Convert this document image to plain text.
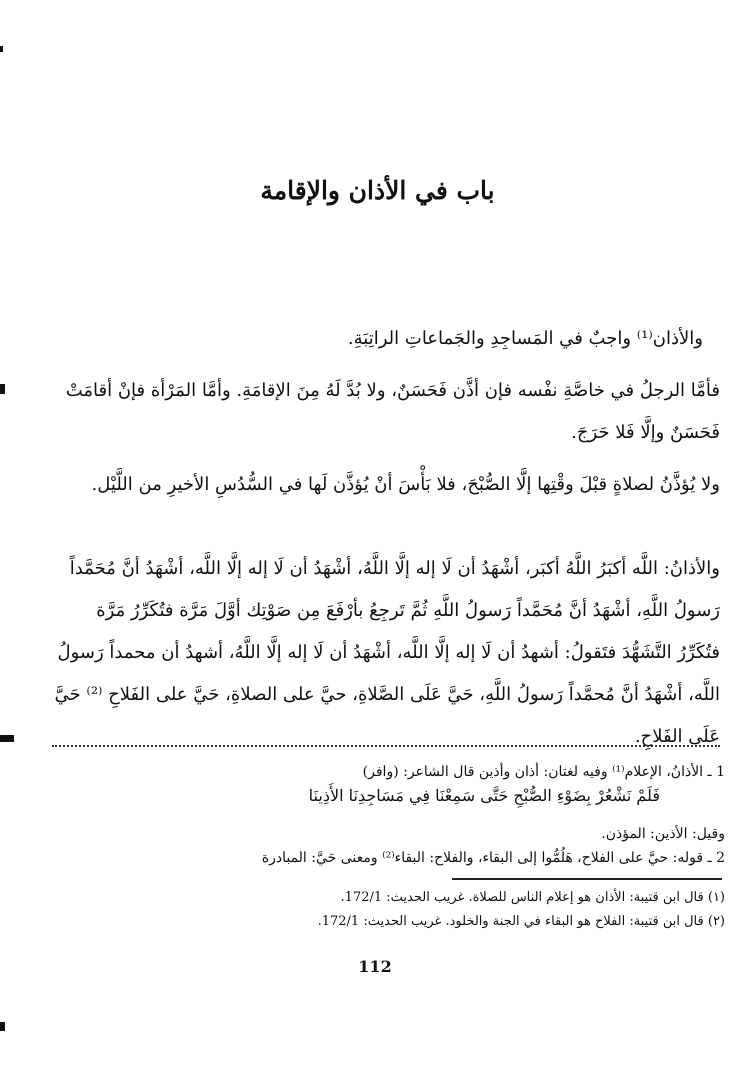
باب في الأذان والإقامة
والأذان⁽¹⁾ واجبٌ في المَساجِدِ والجَماعاتِ الراتِبَةِ.
فأمَّا الرجلُ في خاصَّةِ نفْسه فإن أذَّن فَحَسَنٌ، ولا بُدَّ لَهُ مِنَ الإقامَةِ. وأمَّا المَرْأة فإنْ أقامَتْ فَحَسَنٌ وإلَّا فَلا حَرَجَ.
ولا يُؤذَّنُ لصلاةٍ قبْلَ وقْتِها إلَّا الصُّبْحَ، فلا بَأْسَ أنْ يُؤذَّن لَها في السُّدُسِ الأخيرِ من اللَّيْل.
والأذانُ: اللَّه أكبَرُ اللَّهُ أكبَر، أشْهَدُ أن لَا إله إلَّا اللَّهُ، أشْهَدُ أن لَا إله إلَّا اللَّه، أشْهَدُ أنَّ مُحَمَّداً رَسولُ اللَّهِ، أشْهَدُ أنَّ مُحَمَّداً رَسولُ اللَّهِ ثُمَّ تَرجِعُ بأرْفَعَ مِن صَوْتِك أوَّلَ مَرَّة فتُكَرِّرُ مَرَّة فتُكَرِّرُ التَّشَهُّدَ فتَقولُ: أشهدُ أن لَا إله إلَّا اللَّه، أشْهَدُ أن لَا إله إلَّا اللَّهُ، أشهدُ أن محمداً رَسولُ اللَّه، أشْهَدُ أنَّ مُحمَّداً رَسولُ اللَّهِ، حَيَّ عَلَى الصَّلاةِ، حيَّ على الصلاةِ، حَيَّ على الفَلاحِ ⁽²⁾ حَيَّ عَلَى الفَلاحِ.
1 ـ الأذانُ، الإعلام⁽¹⁾ وفيه لغتان: أذان وأذين قال الشاعر: (وافر)
فَلَمْ نَشْعُرْ بِضَوْءِ الصُّبْحِ حَتَّى سَمِعْنَا فِي مَسَاجِدِنَا الأَذِينَا
وقيل: الأذين: المؤذن.
2 ـ قوله: حيَّ على الفلاح، هَلُمُّوا إلى البقاء، والفلاح: البقاء⁽²⁾ ومعنى حَيَّ: المبادرة
(١) قال ابن قتيبة: الأذان هو إعلام الناس للصلاة. غريب الحديث: 172/1.
(٢) قال ابن قتيبة: الفلاح هو البقاء في الجنة والخلود. غريب الحديث: 172/1.
112
